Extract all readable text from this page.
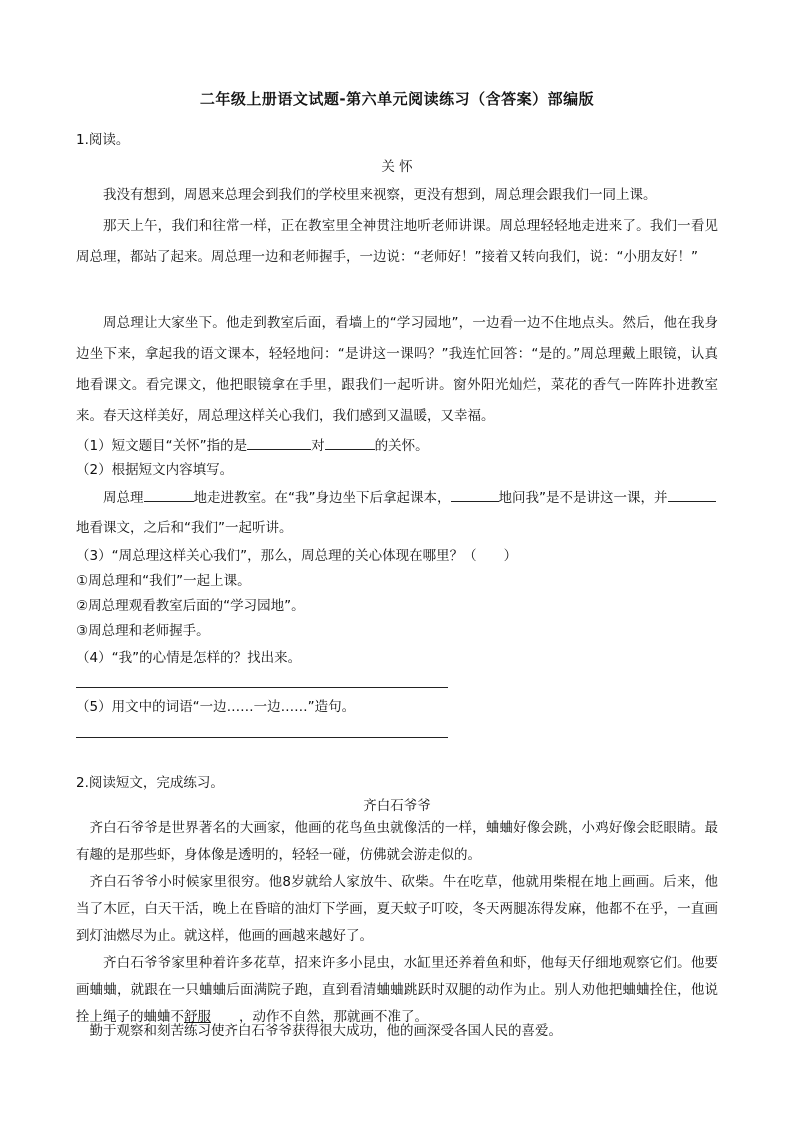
二年级上册语文试题-第六单元阅读练习（含答案）部编版
1.阅读。
关 怀
我没有想到，周恩来总理会到我们的学校里来视察，更没有想到，周总理会跟我们一同上课。
那天上午，我们和往常一样，正在教室里全神贯注地听老师讲课。周总理轻轻地走进来了。我们一看见周总理，都站了起来。周总理一边和老师握手，一边说：“老师好！”接着又转向我们，说：“小朋友好！”
周总理让大家坐下。他走到教室后面，看墙上的“学习园地”，一边看一边不住地点头。然后，他在我身边坐下来，拿起我的语文课本，轻轻地问：“是讲这一课吗？”我连忙回答：“是的。”周总理戴上眼镜，认真地看课文。看完课文，他把眼镜拿在手里，跟我们一起听讲。窗外阳光灿烂，菜花的香气一阵阵扑进教室来。春天这样美好，周总理这样关心我们，我们感到又温暖，又幸福。
（1）短文题目“关怀”指的是	对	的关怀。
（2）根据短文内容填写。
周总理	地走进教室。在“我”身边坐下后拿起课本，	地问我”是不是讲这一课，并
地看课文，之后和“我们”一起听讲。
（3）“周总理这样关心我们”，那么，周总理的关心体现在哪里？（　　）
①周总理和“我们”一起上课。
②周总理观看教室后面的“学习园地”。
③周总理和老师握手。
（4）“我”的心情是怎样的？找出来。
（5）用文中的词语“一边……一边……”造句。
2.阅读短文，完成练习。
齐白石爷爷
齐白石爷爷是世界著名的大画家，他画的花鸟鱼虫就像活的一样，蛐蛐好像会跳，小鸡好像会眨眼睛。最有趣的是那些虾，身体像是透明的，轻轻一碰，仿佛就会游走似的。
齐白石爷爷小时候家里很穷。他8岁就给人家放牛、砍柴。牛在吃草，他就用柴棍在地上画画。后来，他当了木匠，白天干活，晚上在昏暗的油灯下学画，夏天蚊子叮咬，冬天两腿冻得发麻，他都不在乎，一直画到灯油燃尽为止。就这样，他画的画越来越好了。
齐白石爷爷家里种着许多花草，招来许多小昆虫，水缸里还养着鱼和虾，他每天仔细地观察它们。他要画蛐蛐，就跟在一只蛐蛐后面满院子跑，直到看清蛐蛐跳跃时双腿的动作为止。别人劝他把蛐蛐拴住，他说拴上绳子的蛐蛐不舒服 ，动作不自然，那就画不准了。
勤于观察和刻苦练习使齐白石爷爷获得很大成功，他的画深受各国人民的喜爱。
